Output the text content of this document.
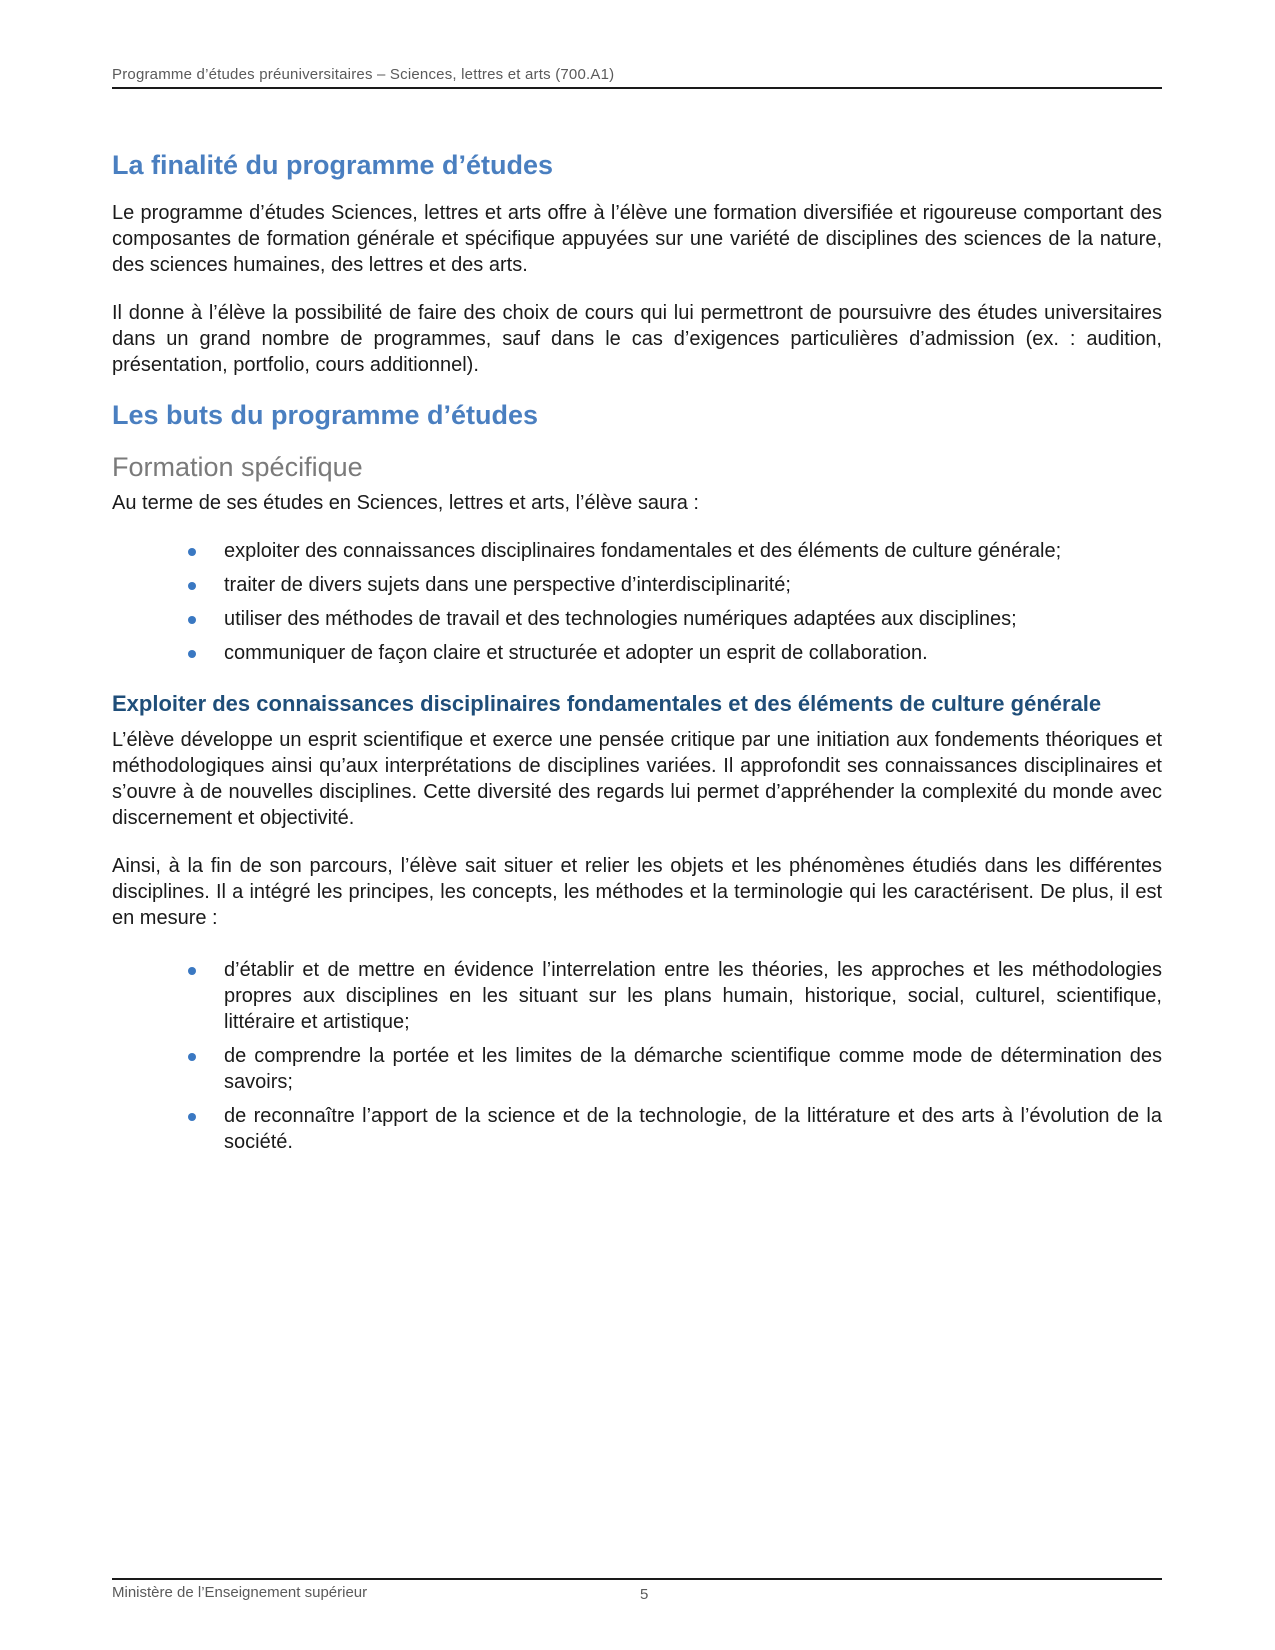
Programme d’études préuniversitaires – Sciences, lettres et arts (700.A1)
La finalité du programme d’études

Le programme d’études Sciences, lettres et arts offre à l’élève une formation diversifiée et rigoureuse comportant des composantes de formation générale et spécifique appuyées sur une variété de disciplines des sciences de la nature, des sciences humaines, des lettres et des arts.

Il donne à l’élève la possibilité de faire des choix de cours qui lui permettront de poursuivre des études universitaires dans un grand nombre de programmes, sauf dans le cas d’exigences particulières d’admission (ex. : audition, présentation, portfolio, cours additionnel).

Les buts du programme d’études
Formation spécifique

Au terme de ses études en Sciences, lettres et arts, l’élève saura :

exploiter des connaissances disciplinaires fondamentales et des éléments de culture générale;
traiter de divers sujets dans une perspective d’interdisciplinarité;
utiliser des méthodes de travail et des technologies numériques adaptées aux disciplines;
communiquer de façon claire et structurée et adopter un esprit de collaboration.
Exploiter des connaissances disciplinaires fondamentales et des éléments de culture générale

L’élève développe un esprit scientifique et exerce une pensée critique par une initiation aux fondements théoriques et méthodologiques ainsi qu’aux interprétations de disciplines variées. Il approfondit ses connaissances disciplinaires et s’ouvre à de nouvelles disciplines. Cette diversité des regards lui permet d’appréhender la complexité du monde avec discernement et objectivité.

Ainsi, à la fin de son parcours, l’élève sait situer et relier les objets et les phénomènes étudiés dans les différentes disciplines. Il a intégré les principes, les concepts, les méthodes et la terminologie qui les caractérisent. De plus, il est en mesure :

d’établir et de mettre en évidence l’interrelation entre les théories, les approches et les méthodologies propres aux disciplines en les situant sur les plans humain, historique, social, culturel, scientifique, littéraire et artistique;
de comprendre la portée et les limites de la démarche scientifique comme mode de détermination des savoirs;
de reconnaître l’apport de la science et de la technologie, de la littérature et des arts à l’évolution de la société.
Ministère de l’Enseignement supérieur	5
